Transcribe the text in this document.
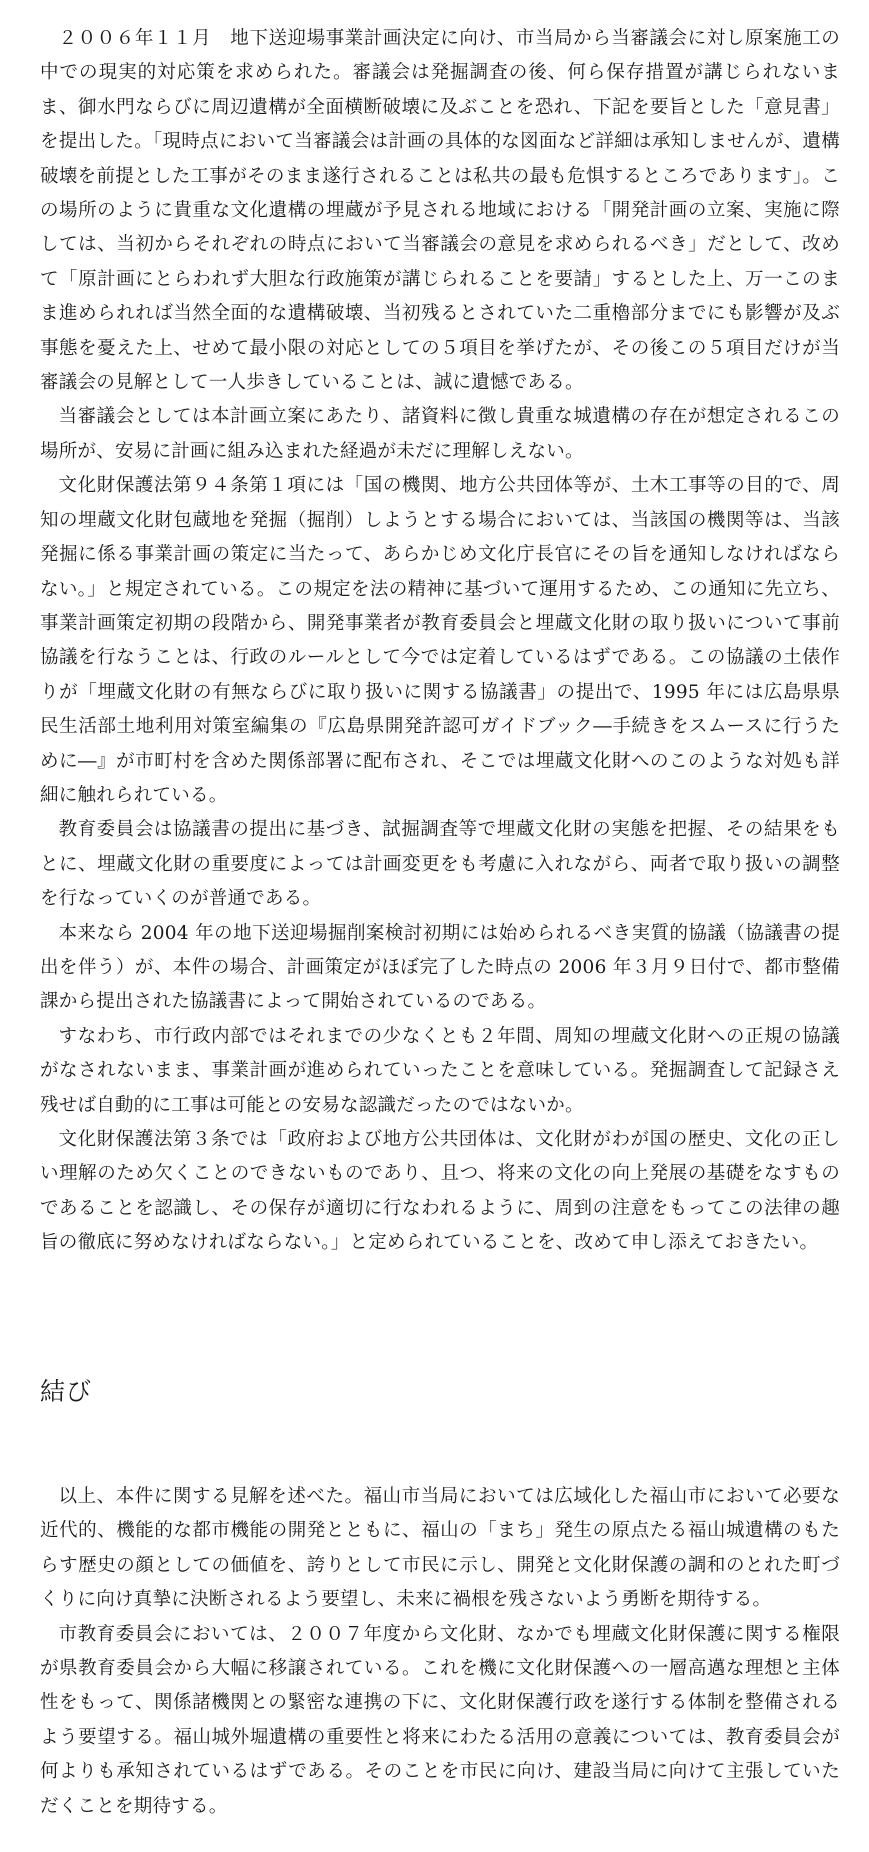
２００６年１１月　地下送迎場事業計画決定に向け、市当局から当審議会に対し原案施工の中での現実的対応策を求められた。審議会は発掘調査の後、何ら保存措置が講じられないまま、御水門ならびに周辺遺構が全面横断破壊に及ぶことを恐れ、下記を要旨とした「意見書」を提出した。「現時点において当審議会は計画の具体的な図面など詳細は承知しませんが、遺構破壊を前提とした工事がそのまま遂行されることは私共の最も危惧するところであります」。この場所のように貴重な文化遺構の埋蔵が予見される地域における「開発計画の立案、実施に際しては、当初からそれぞれの時点において当審議会の意見を求められるべき」だとして、改めて「原計画にとらわれず大胆な行政施策が講じられることを要請」するとした上、万一このまま進められれば当然全面的な遺構破壊、当初残るとされていた二重櫓部分までにも影響が及ぶ事態を憂えた上、せめて最小限の対応としての５項目を挙げたが、その後この５項目だけが当審議会の見解として一人歩きしていることは、誠に遺憾である。

当審議会としては本計画立案にあたり、諸資料に徴し貴重な城遺構の存在が想定されるこの場所が、安易に計画に組み込まれた経過が未だに理解しえない。

文化財保護法第９４条第１項には「国の機関、地方公共団体等が、土木工事等の目的で、周知の埋蔵文化財包蔵地を発掘（掘削）しようとする場合においては、当該国の機関等は、当該発掘に係る事業計画の策定に当たって、あらかじめ文化庁長官にその旨を通知しなければならない。」と規定されている。この規定を法の精神に基づいて運用するため、この通知に先立ち、事業計画策定初期の段階から、開発事業者が教育委員会と埋蔵文化財の取り扱いについて事前協議を行なうことは、行政のルールとして今では定着しているはずである。この協議の土俵作りが「埋蔵文化財の有無ならびに取り扱いに関する協議書」の提出で、1995 年には広島県県民生活部土地利用対策室編集の『広島県開発許認可ガイドブック―手続きをスムースに行うために―』が市町村を含めた関係部署に配布され、そこでは埋蔵文化財へのこのような対処も詳細に触れられている。

教育委員会は協議書の提出に基づき、試掘調査等で埋蔵文化財の実態を把握、その結果をもとに、埋蔵文化財の重要度によっては計画変更をも考慮に入れながら、両者で取り扱いの調整を行なっていくのが普通である。

本来なら 2004 年の地下送迎場掘削案検討初期には始められるべき実質的協議（協議書の提出を伴う）が、本件の場合、計画策定がほぼ完了した時点の 2006 年３月９日付で、都市整備課から提出された協議書によって開始されているのである。

すなわち、市行政内部ではそれまでの少なくとも２年間、周知の埋蔵文化財への正規の協議がなされないまま、事業計画が進められていったことを意味している。発掘調査して記録さえ残せば自動的に工事は可能との安易な認識だったのではないか。

文化財保護法第３条では「政府および地方公共団体は、文化財がわが国の歴史、文化の正しい理解のため欠くことのできないものであり、且つ、将来の文化の向上発展の基礎をなすものであることを認識し、その保存が適切に行なわれるように、周到の注意をもってこの法律の趣旨の徹底に努めなければならない。」と定められていることを、改めて申し添えておきたい。

結び

以上、本件に関する見解を述べた。福山市当局においては広域化した福山市において必要な近代的、機能的な都市機能の開発とともに、福山の「まち」発生の原点たる福山城遺構のもたらす歴史の顔としての価値を、誇りとして市民に示し、開発と文化財保護の調和のとれた町づくりに向け真摯に決断されるよう要望し、未来に禍根を残さないよう勇断を期待する。

市教育委員会においては、２００７年度から文化財、なかでも埋蔵文化財保護に関する権限が県教育委員会から大幅に移譲されている。これを機に文化財保護への一層高邁な理想と主体性をもって、関係諸機関との緊密な連携の下に、文化財保護行政を遂行する体制を整備されるよう要望する。福山城外堀遺構の重要性と将来にわたる活用の意義については、教育委員会が何よりも承知されているはずである。そのことを市民に向け、建設当局に向けて主張していただくことを期待する。
